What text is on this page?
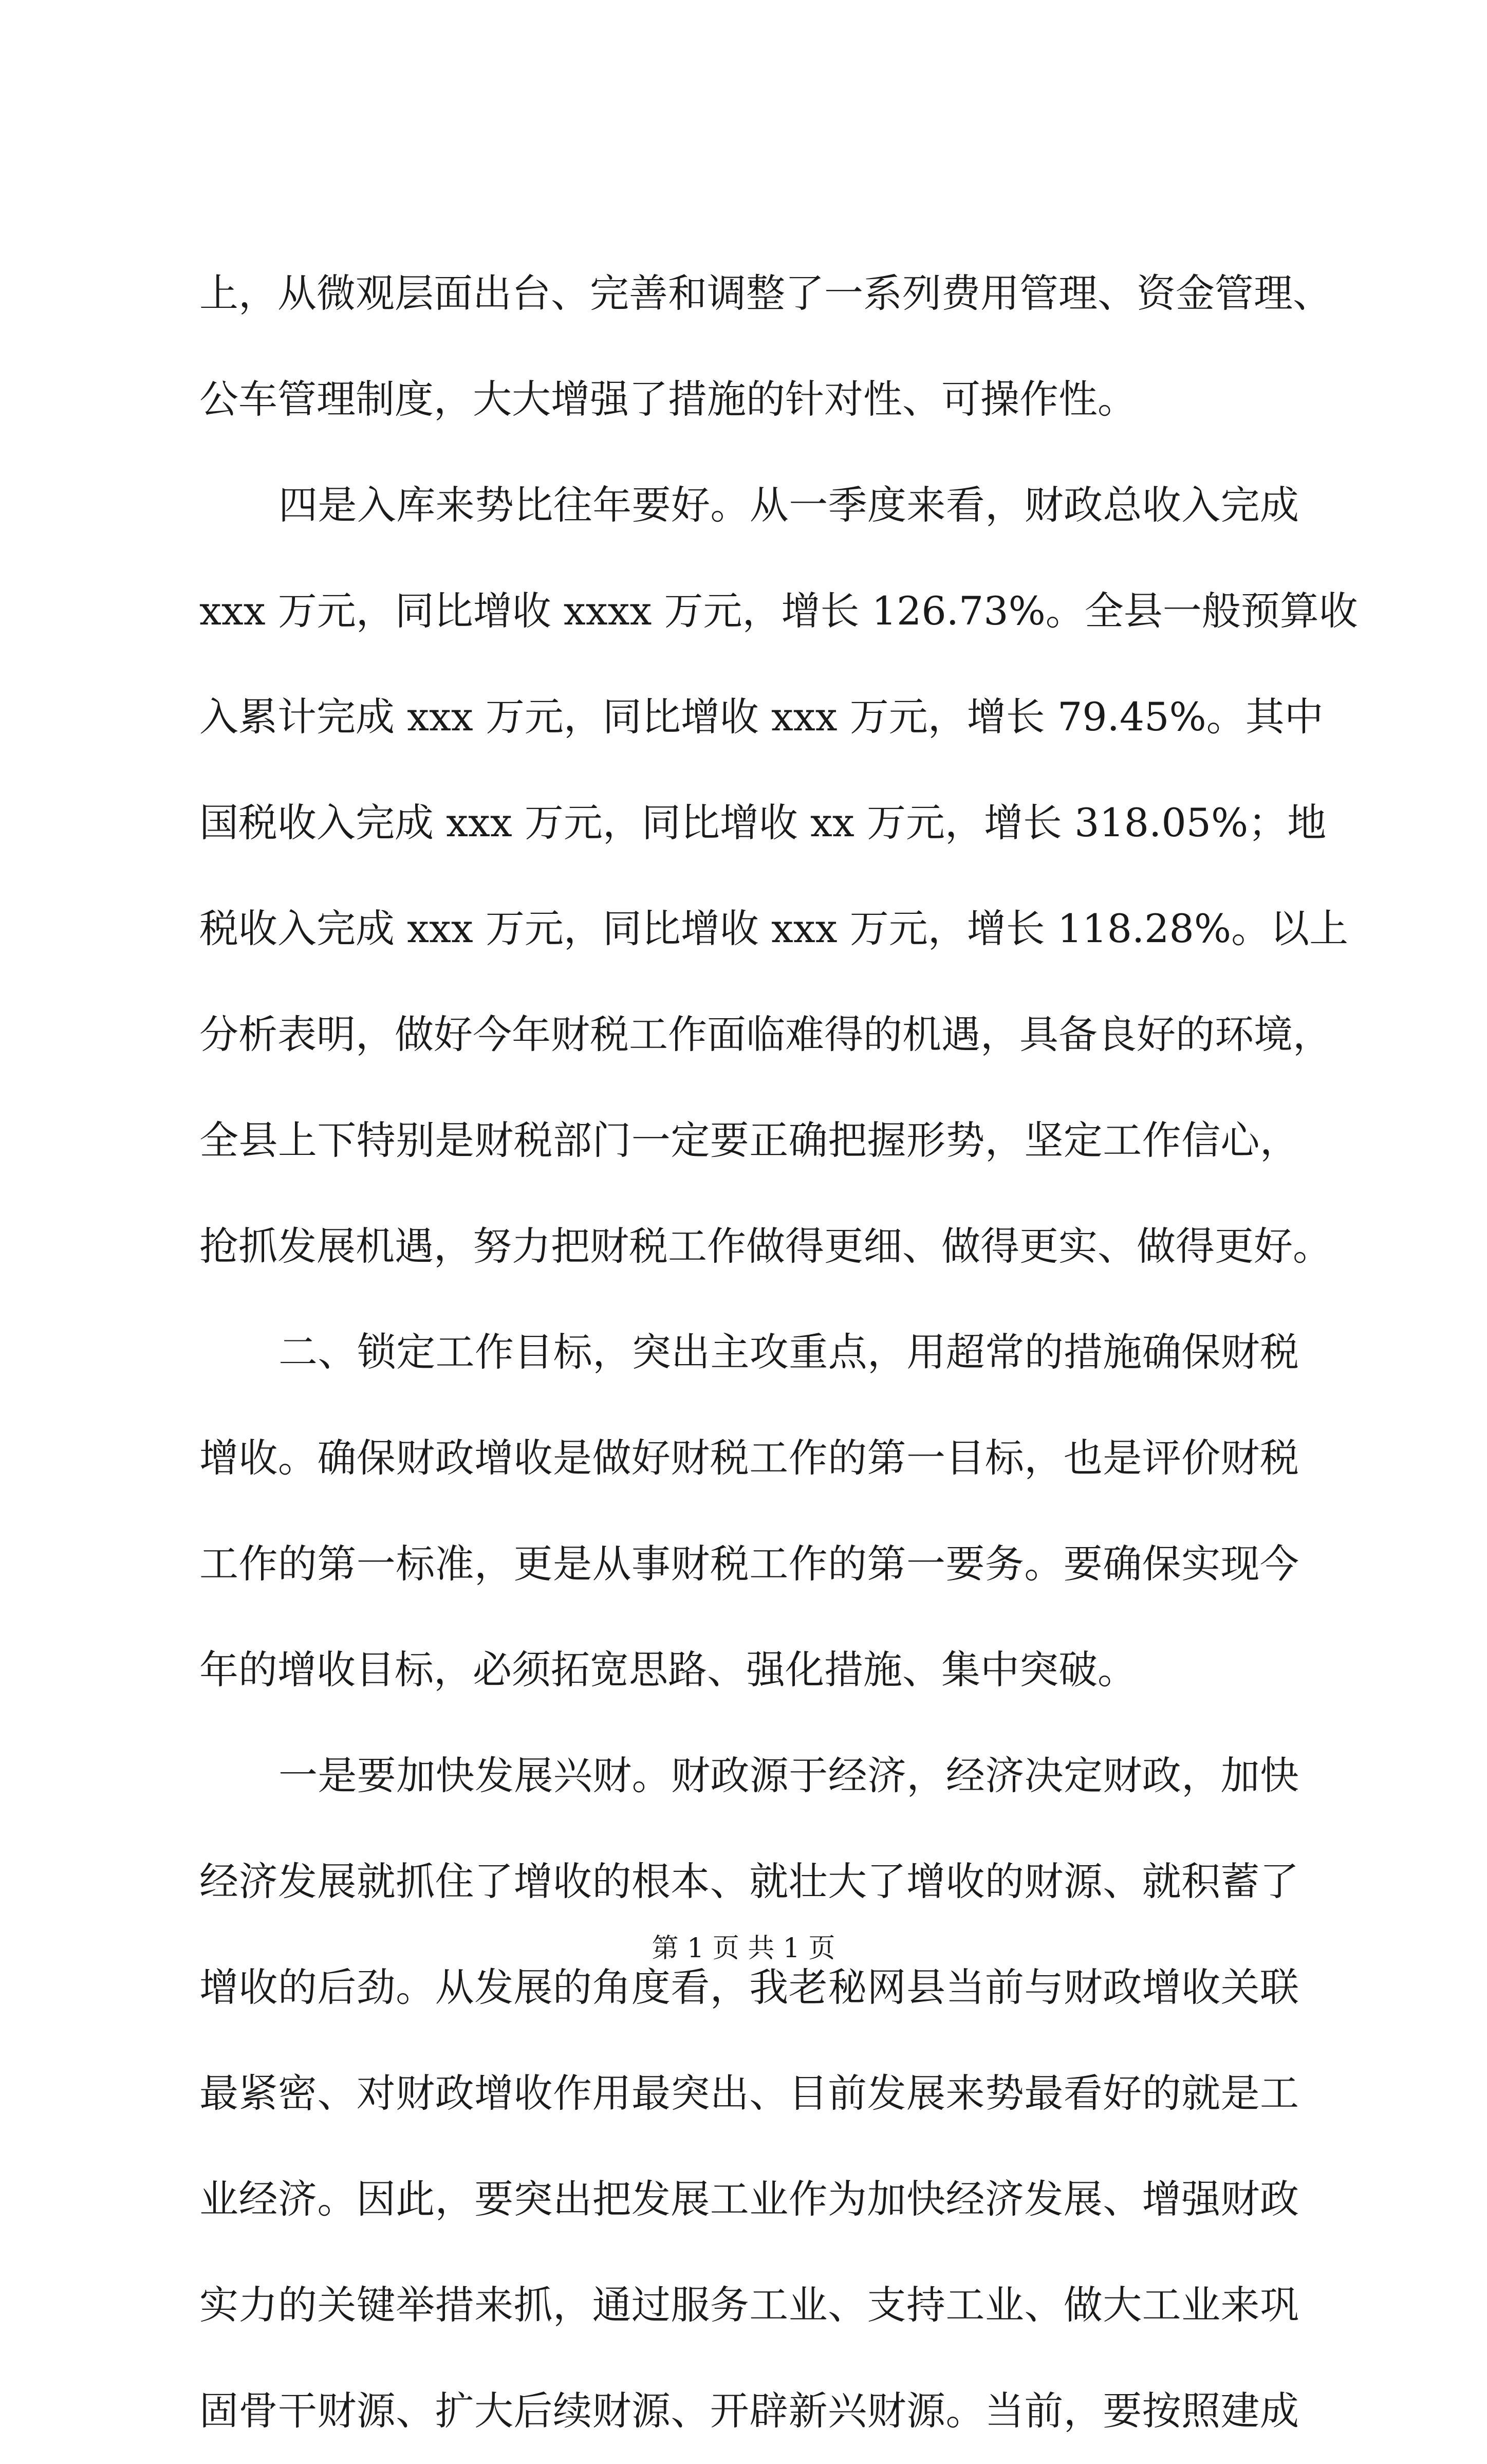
上，从微观层面出台、完善和调整了一系列费用管理、资金管理、
公车管理制度，大大增强了措施的针对性、可操作性。
四是入库来势比往年要好。从一季度来看，财政总收入完成
xxx 万元，同比增收 xxxx 万元，增长 126.73%。全县一般预算收
入累计完成 xxx 万元，同比增收 xxx 万元，增长 79.45%。其中
国税收入完成 xxx 万元，同比增收 xx 万元，增长 318.05%；地
税收入完成 xxx 万元，同比增收 xxx 万元，增长 118.28%。以上
分析表明，做好今年财税工作面临难得的机遇，具备良好的环境，
全县上下特别是财税部门一定要正确把握形势，坚定工作信心，
抢抓发展机遇，努力把财税工作做得更细、做得更实、做得更好。
二、锁定工作目标，突出主攻重点，用超常的措施确保财税
增收。确保财政增收是做好财税工作的第一目标，也是评价财税
工作的第一标准，更是从事财税工作的第一要务。要确保实现今
年的增收目标，必须拓宽思路、强化措施、集中突破。
一是要加快发展兴财。财政源于经济，经济决定财政，加快
经济发展就抓住了增收的根本、就壮大了增收的财源、就积蓄了
增收的后劲。从发展的角度看，我老秘网县当前与财政增收关联
最紧密、对财政增收作用最突出、目前发展来势最看好的就是工
业经济。因此，要突出把发展工业作为加快经济发展、增强财政
实力的关键举措来抓，通过服务工业、支持工业、做大工业来巩
固骨干财源、扩大后续财源、开辟新兴财源。当前，要按照建成
第 1 页 共 1 页
